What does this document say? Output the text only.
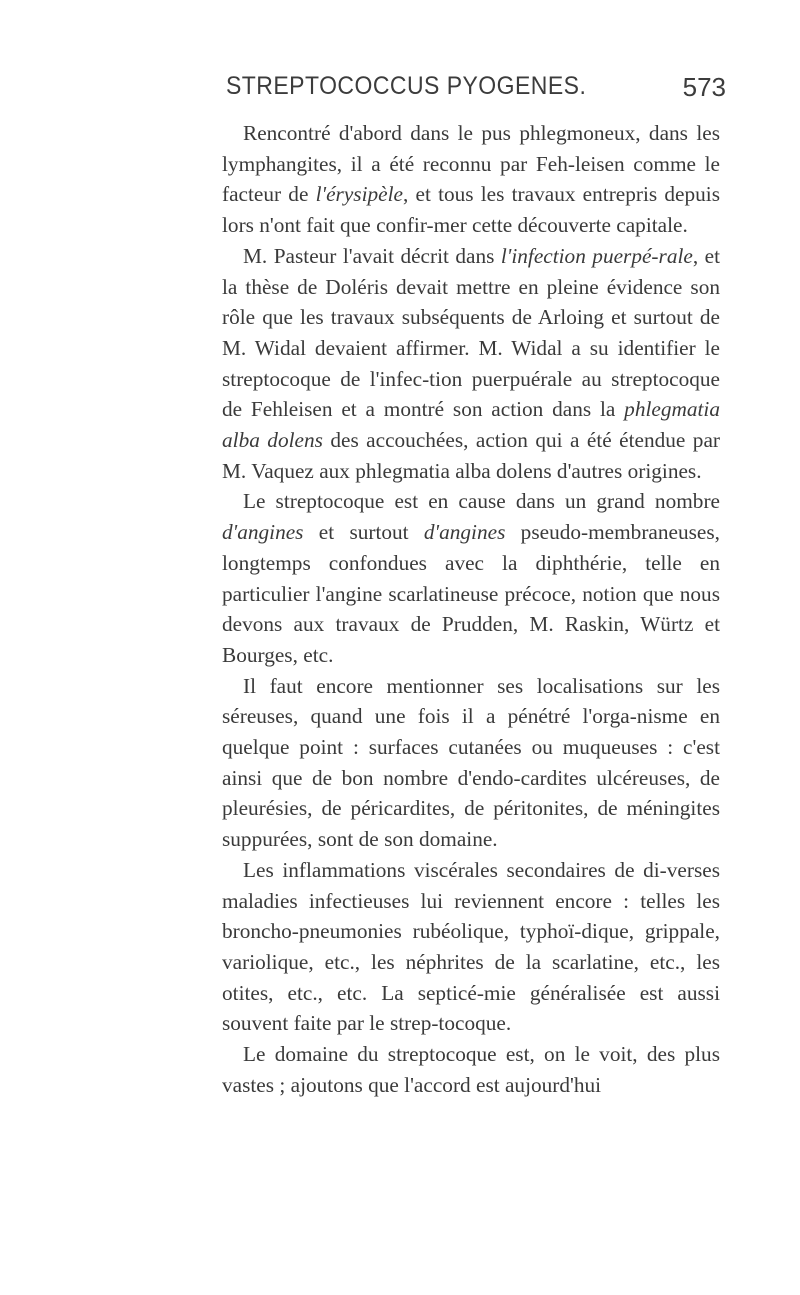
STREPTOCOCCUS PYOGENES.	573

Rencontré d'abord dans le pus phlegmoneux, dans les lymphangites, il a été reconnu par Feh-leisen comme le facteur de l'érysipèle, et tous les travaux entrepris depuis lors n'ont fait que confir-mer cette découverte capitale.

M. Pasteur l'avait décrit dans l'infection puerpé-rale, et la thèse de Doléris devait mettre en pleine évidence son rôle que les travaux subséquents de Arloing et surtout de M. Widal devaient affirmer. M. Widal a su identifier le streptocoque de l'infec-tion puerpuérale au streptocoque de Fehleisen et a montré son action dans la phlegmatia alba dolens des accouchées, action qui a été étendue par M. Vaquez aux phlegmatia alba dolens d'autres origines.

Le streptocoque est en cause dans un grand nombre d'angines et surtout d'angines pseudo-membraneuses, longtemps confondues avec la diphthérie, telle en particulier l'angine scarlatineuse précoce, notion que nous devons aux travaux de Prudden, M. Raskin, Würtz et Bourges, etc.

Il faut encore mentionner ses localisations sur les séreuses, quand une fois il a pénétré l'orga-nisme en quelque point : surfaces cutanées ou muqueuses : c'est ainsi que de bon nombre d'endo-cardites ulcéreuses, de pleurésies, de péricardites, de péritonites, de méningites suppurées, sont de son domaine.

Les inflammations viscérales secondaires de di-verses maladies infectieuses lui reviennent encore : telles les broncho-pneumonies rubéolique, typhoï-dique, grippale, variolique, etc., les néphrites de la scarlatine, etc., les otites, etc., etc. La septicé-mie généralisée est aussi souvent faite par le strep-tocoque.

Le domaine du streptocoque est, on le voit, des plus vastes ; ajoutons que l'accord est aujourd'hui
